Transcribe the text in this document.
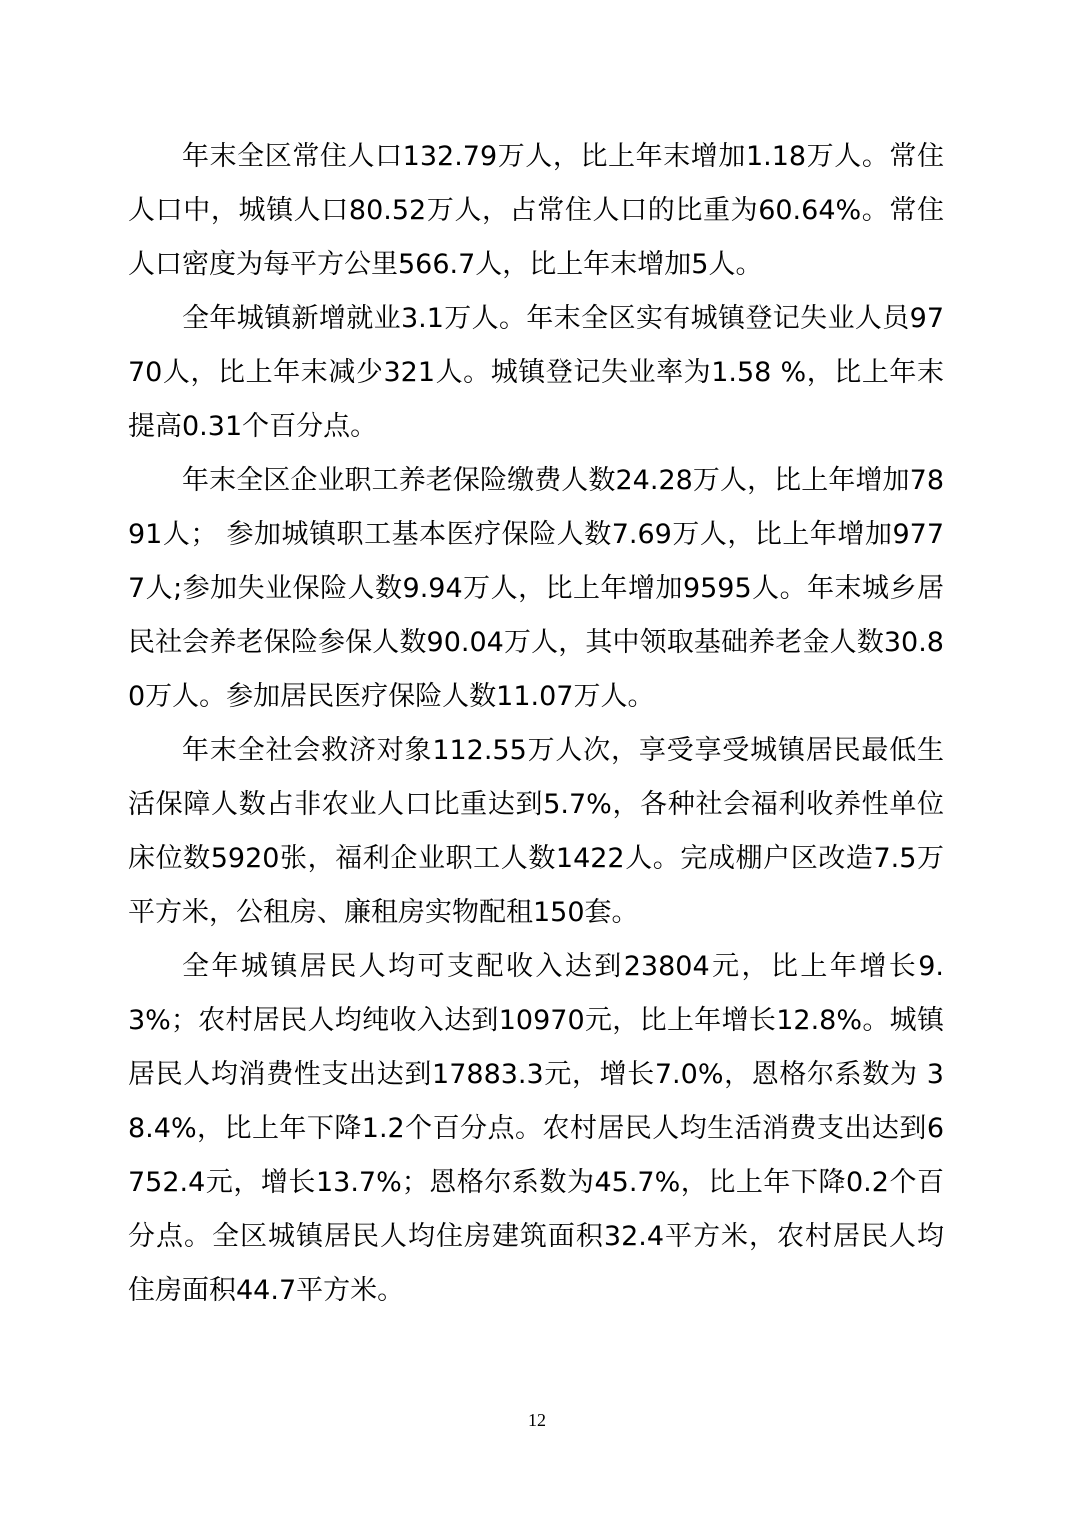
年末全区常住人口132.79万人，比上年末增加1.18万人。常住人口中，城镇人口80.52万人，占常住人口的比重为60.64%。常住人口密度为每平方公里566.7人，比上年末增加5人。

全年城镇新增就业3.1万人。年末全区实有城镇登记失业人员9770人，比上年末减少321人。城镇登记失业率为1.58 %，比上年末提高0.31个百分点。

年末全区企业职工养老保险缴费人数24.28万人，比上年增加7891人； 参加城镇职工基本医疗保险人数7.69万人，比上年增加9777人;参加失业保险人数9.94万人，比上年增加9595人。年末城乡居民社会养老保险参保人数90.04万人，其中领取基础养老金人数30.80万人。参加居民医疗保险人数11.07万人。

年末全社会救济对象112.55万人次，享受享受城镇居民最低生活保障人数占非农业人口比重达到5.7%，各种社会福利收养性单位床位数5920张，福利企业职工人数1422人。完成棚户区改造7.5万平方米，公租房、廉租房实物配租150套。

全年城镇居民人均可支配收入达到23804元，比上年增长9.3%；农村居民人均纯收入达到10970元，比上年增长12.8%。城镇居民人均消费性支出达到17883.3元，增长7.0%，恩格尔系数为 38.4%，比上年下降1.2个百分点。农村居民人均生活消费支出达到6752.4元，增长13.7%；恩格尔系数为45.7%，比上年下降0.2个百分点。全区城镇居民人均住房建筑面积32.4平方米，农村居民人均住房面积44.7平方米。

12
